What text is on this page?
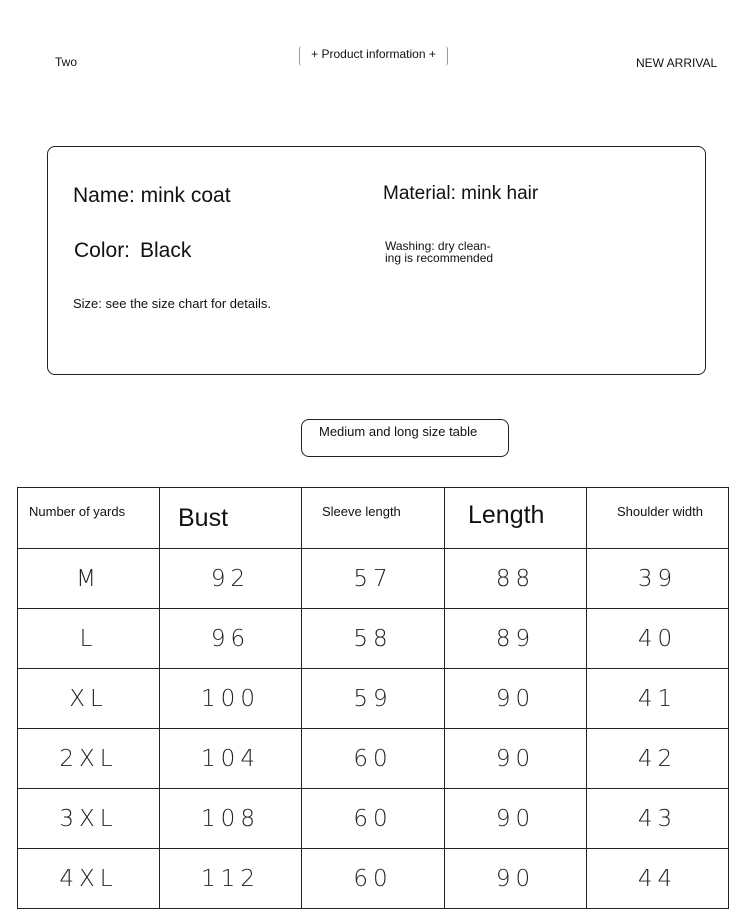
Two
+ Product information +
NEW ARRIVAL
Name: mink coat	Material: mink hair
Color: Black	Washing: dry clean-ing is recommended
Size: see the size chart for details.
Medium and long size table
Number of yards	Bust	Sleeve length	Length	Shoulder width

M	92	57	88	39
L	96	58	89	40
XL	100	59	90	41
2XL	104	60	90	42
3XL	108	60	90	43
4XL	112	60	90	44
